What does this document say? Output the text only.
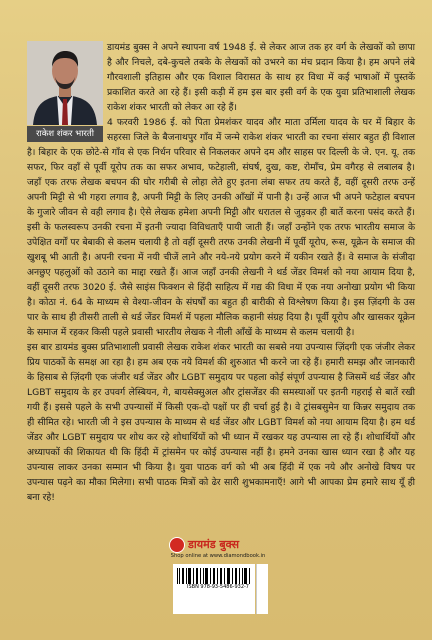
डायमंड बुक्स ने अपने स्थापना वर्ष 1948 ई. से लेकर आज तक हर वर्ग के लेखकों को छापा है और निचले, दबे-कुचले तबके के लेखकों को उभरने का मंच प्रदान किया है। हम अपने लंबे गौरवशाली इतिहास और एक विशाल विरासत के साथ हर विधा में कई भाषाओं में पुस्तकें प्रकाशित करते आ रहे हैं। इसी कड़ी में हम इस बार इसी वर्ग के एक युवा प्रतिभाशाली लेखक राकेश शंकर भारती को लेकर आ रहे हैं।

4 फरवरी 1986 ई. को पिता प्रेमशंकर यादव और माता उर्मिला यादव के घर में बिहार के सहरसा जिले के बैजनाथपुर गाँव में जन्मे राकेश शंकर भारती का रचना संसार बहुत ही विशाल है। बिहार के एक छोटे-से गाँव से एक निर्धन परिवार से निकलकर अपने दम और साहस पर दिल्ली के जे. एन. यू. तक सफर, फिर वहाँ से पूर्वी यूरोप तक का सफर अभाव, फटेहाली, संघर्ष, दुख, कष्ट, रोमाँच, प्रेम वगैरह से लबालब है। जहाँ एक तरफ लेखक बचपन की घोर गरीबी से लोहा लेते हुए इतना लंबा सफर तय करते हैं, वहीं दूसरी तरफ उन्हें अपनी मिट्टी से भी गहरा लगाव है, अपनी मिट्टी के लिए उनकी आँखों में पानी है। उन्हें आज भी अपने फटेहाल बचपन के गुजारे जीवन से वही लगाव है। ऐसे लेखक हमेशा अपनी मिट्टी और धरातल से जुड़कर ही बातें करना पसंद करते हैं। इसी के फलस्वरूप उनकी रचना में इतनी ज्यादा विविधताएँ पायी जाती हैं। जहाँ उन्होंने एक तरफ भारतीय समाज के उपेक्षित वर्गों पर बेबाकी से कलम चलायी है तो वहीं दूसरी तरफ उनकी लेखनी में पूर्वी यूरोप, रूस, यूक्रेन के समाज की खुशबू भी आती है। अपनी रचना में नयी चीजें लाने और नये-नये प्रयोग करने में यकीन रखते हैं। वे समाज के संजीदा अनछुए पहलुओं को उठाने का माद्दा रखते हैं। आज जहाँ उनकी लेखनी ने थर्ड जेंडर विमर्श को नया आयाम दिया है, वहीं दूसरी तरफ 3020 ई. जैसे साइंस फिक्शन से हिंदी साहित्य में गद्य की विधा में एक नया अनोखा प्रयोग भी किया है। कोठा नं. 64 के माध्यम से वेश्या-जीवन के संघर्षों का बहुत ही बारीकी से विश्लेषण किया है। इस ज़िंदगी के उस पार के साथ ही तीसरी ताली से थर्ड जेंडर विमर्श में पहला मौलिक कहानी संग्रह दिया है। पूर्वी यूरोप और खासकर यूक्रेन के समाज में रहकर किसी पहले प्रवासी भारतीय लेखक ने नीली आँखें के माध्यम से कलम चलायी है।

इस बार डायमंड बुक्स प्रतिभाशाली प्रवासी लेखक राकेश शंकर भारती का सबसे नया उपन्यास ज़िंदगी एक जंजीर लेकर प्रिय पाठकों के समक्ष आ रहा है। हम अब एक नये विमर्श की शुरुआत भी करने जा रहे हैं। हमारी समझ और जानकारी के हिसाब से ज़िंदगी एक जंजीर थर्ड जेंडर और LGBT समुदाय पर पहला कोई संपूर्ण उपन्यास है जिसमें थर्ड जेंडर और LGBT समुदाय के हर उपवर्ग लेस्बियन, गे, बायसेक्सुअल और ट्रांसजेंडर की समस्याओं पर इतनी गहराई से बातें रखी गयी हैं। इससे पहले के सभी उपन्यासों में किसी एक-दो पक्षों पर ही चर्चा हुई है। वे ट्रांसबसुमेन या किन्नर समुदाय तक ही सीमित रहे। भारती जी ने इस उपन्यास के माध्यम से थर्ड जेंडर और LGBT विमर्श को नया आयाम दिया है। हम थर्ड जेंडर और LGBT समुदाय पर शोध कर रहे शोधार्थियों को भी ध्यान में रखकर यह उपन्यास ला रहे हैं। शोधार्थियों और अध्यापकों की शिकायत थी कि हिंदी में ट्रांसमेन पर कोई उपन्यास नहीं है। हमने उनका खास ध्यान रखा है और यह उपन्यास लाकर उनका सम्मान भी किया है। युवा पाठक वर्ग को भी अब हिंदी में एक नये और अनोखे विषय पर उपन्यास पढ़ने का मौका मिलेगा। सभी पाठक मित्रों को ढेर सारी शुभकामनाएँ! आगे भी आपका प्रेम हमारे साथ यूँ ही बना रहे!

राकेश शंकर भारती
डायमंड बुक्स
Shop online at www.diamondbook.in
ISBN 978-93-5486-932-7
